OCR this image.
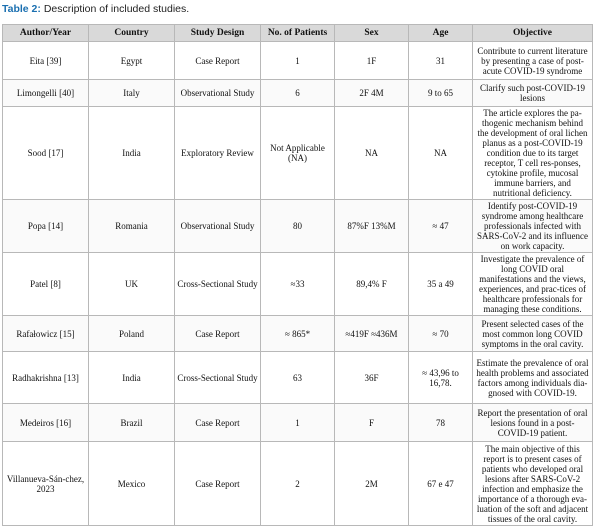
Table 2: Description of included studies.
Author/Year	Country	Study Design	No. of Patients	Sex	Age	Objective
Eita [39]	Egypt	Case Report	1	1F	31	Contribute to current literature by presenting a case of post-acute COVID-19 syndrome
Limongelli [40]	Italy	Observational Study	6	2F 4M	9 to 65	Clarify such post-COVID-19 lesions
Sood [17]	India	Exploratory Review	Not Applicable (NA)	NA	NA	The article explores the pa-thogenic mechanism behind the development of oral lichen planus as a post-COVID-19 condition due to its target receptor, T cell res-ponses, cytokine profile, mucosal immune barriers, and nutritional deficiency.
Popa [14]	Romania	Observational Study	80	87%F 13%M	≈ 47	Identify post-COVID-19 syndrome among healthcare professionals infected with SARS-CoV-2 and its influence on work capacity.
Patel [8]	UK	Cross-Sectional Study	≈33	89,4% F	35 a 49	Investigate the prevalence of long COVID oral manifestations and the views, experiences, and prac-tices of healthcare professionals for managing these conditions.
Rafałowicz [15]	Poland	Case Report	≈ 865*	≈419F ≈436M	≈ 70	Present selected cases of the most common long COVID symptoms in the oral cavity.
Radhakrishna [13]	India	Cross-Sectional Study	63	36F	≈ 43,96 to 16,78.	Estimate the prevalence of oral health problems and associated factors among individuals dia-gnosed with COVID-19.
Medeiros [16]	Brazil	Case Report	1	F	78	Report the presentation of oral lesions found in a post-COVID-19 patient.
Villanueva-Sán-chez, 2023	Mexico	Case Report	2	2M	67 e 47	The main objective of this report is to present cases of patients who developed oral lesions after SARS-CoV-2 infection and emphasize the importance of a thorough eva-luation of the soft and adjacent tissues of the oral cavity.
